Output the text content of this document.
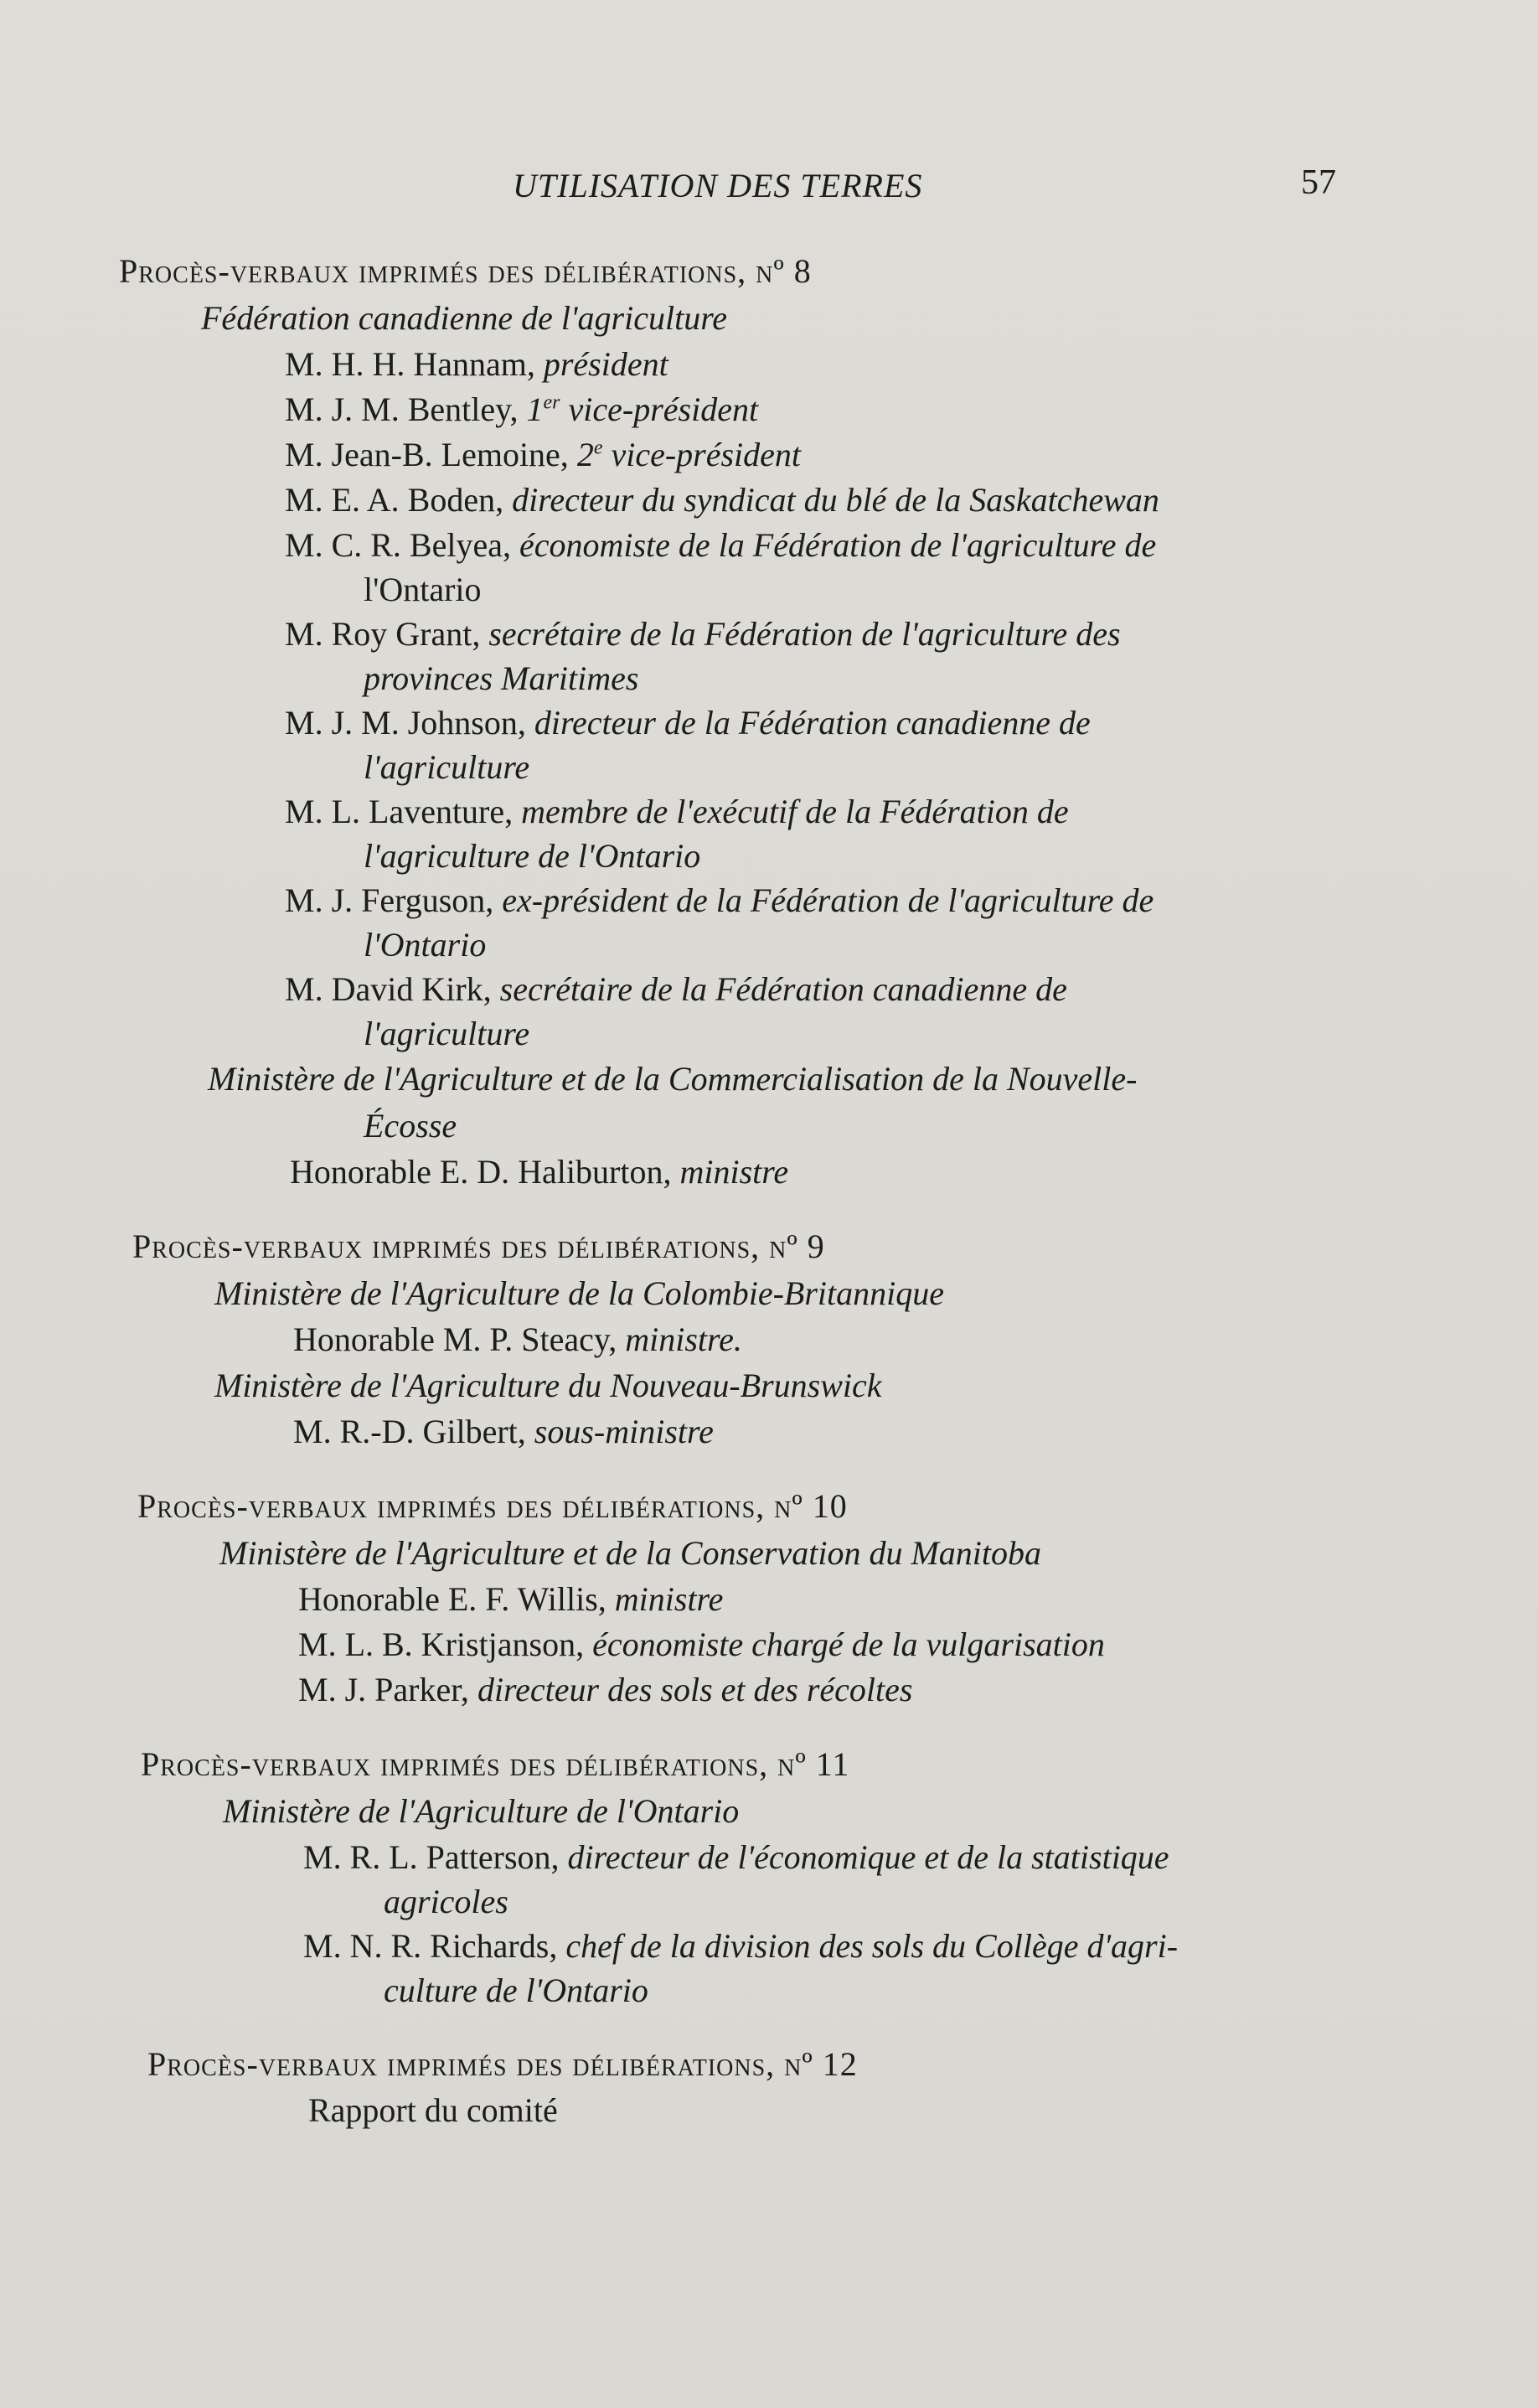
UTILISATION DES TERRES	57
Procès-verbaux imprimés des délibérations, nº 8
Fédération canadienne de l'agriculture
M. H. H. Hannam, président
M. J. M. Bentley, 1er vice-président
M. Jean-B. Lemoine, 2e vice-président
M. E. A. Boden, directeur du syndicat du blé de la Saskatchewan
M. C. R. Belyea, économiste de la Fédération de l'agriculture de
l'Ontario
M. Roy Grant, secrétaire de la Fédération de l'agriculture des
provinces Maritimes
M. J. M. Johnson, directeur de la Fédération canadienne de
l'agriculture
M. L. Laventure, membre de l'exécutif de la Fédération de
l'agriculture de l'Ontario
M. J. Ferguson, ex-président de la Fédération de l'agriculture de
l'Ontario
M. David Kirk, secrétaire de la Fédération canadienne de
l'agriculture
Ministère de l'Agriculture et de la Commercialisation de la Nouvelle-
Écosse
Honorable E. D. Haliburton, ministre
Procès-verbaux imprimés des délibérations, nº 9
Ministère de l'Agriculture de la Colombie-Britannique
Honorable M. P. Steacy, ministre.
Ministère de l'Agriculture du Nouveau-Brunswick
M. R.-D. Gilbert, sous-ministre
Procès-verbaux imprimés des délibérations, nº 10
Ministère de l'Agriculture et de la Conservation du Manitoba
Honorable E. F. Willis, ministre
M. L. B. Kristjanson, économiste chargé de la vulgarisation
M. J. Parker, directeur des sols et des récoltes
Procès-verbaux imprimés des délibérations, nº 11
Ministère de l'Agriculture de l'Ontario
M. R. L. Patterson, directeur de l'économique et de la statistique
agricoles
M. N. R. Richards, chef de la division des sols du Collège d'agri-
culture de l'Ontario
Procès-verbaux imprimés des délibérations, nº 12
Rapport du comité
